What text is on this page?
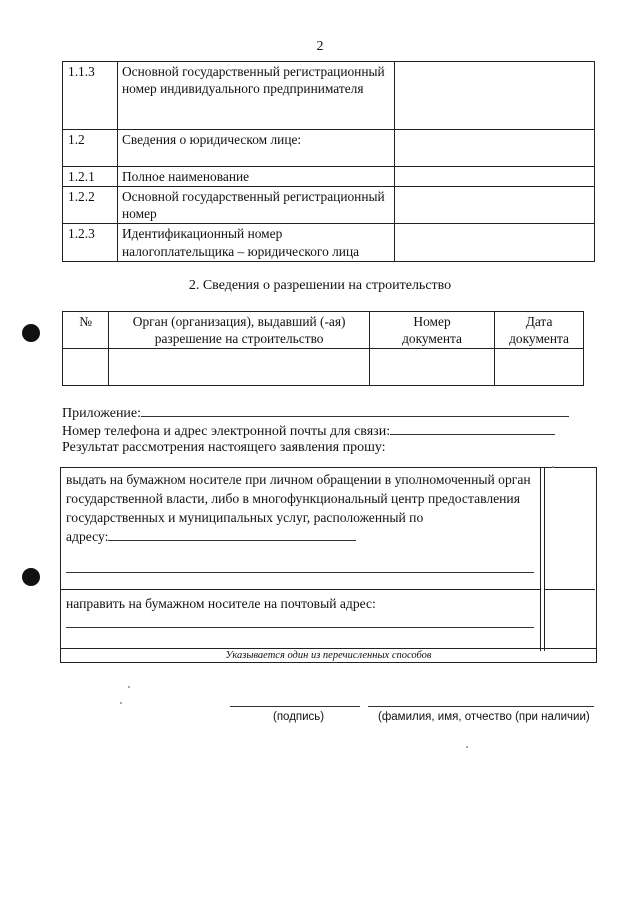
2
1.1.3	Основной государственный регистрационный номер индивидуального предпринимателя	
1.2	Сведения о юридическом лице:	
1.2.1	Полное наименование	
1.2.2	Основной государственный регистрационный номер	
1.2.3	Идентификационный номер налогоплательщика – юридического лица	
2. Сведения о разрешении на строительство
№	Орган (организация), выдавший (-ая) разрешение на строительство	Номер документа	Дата документа

Приложение:
Номер телефона и адрес электронной почты для связи:
Результат рассмотрения настоящего заявления прошу:
выдать на бумажном носителе при личном обращении в уполномоченный орган государственной власти, либо в многофункциональный центр предоставления государственных и муниципальных услуг, расположенный по
адресу:
направить на бумажном носителе на почтовый адрес:
Указывается один из перечисленных способов
(подпись)	(фамилия, имя, отчество (при наличии)
